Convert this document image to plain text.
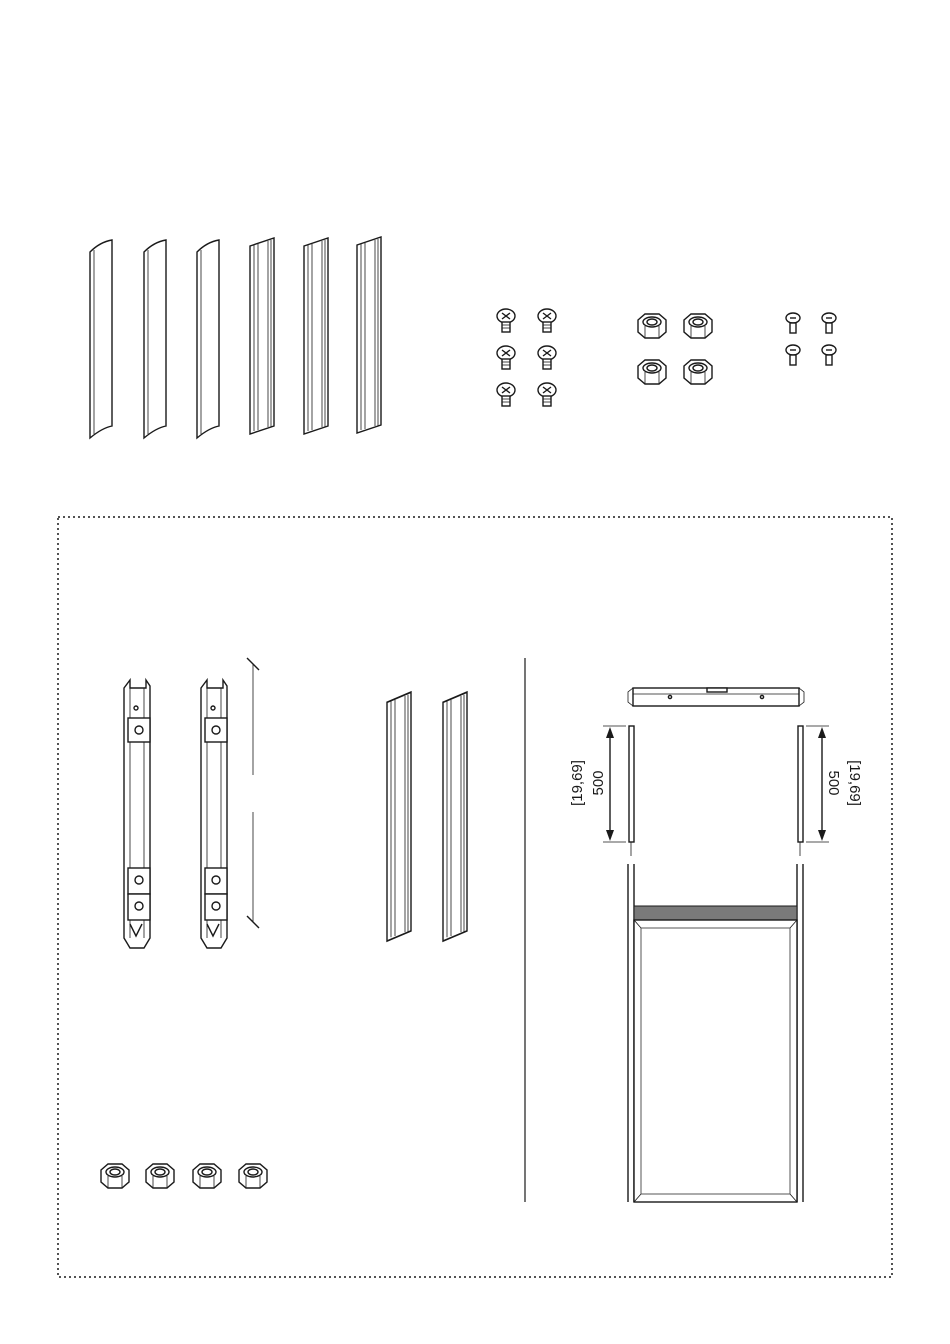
500
[19,69]	500 [19,69]
